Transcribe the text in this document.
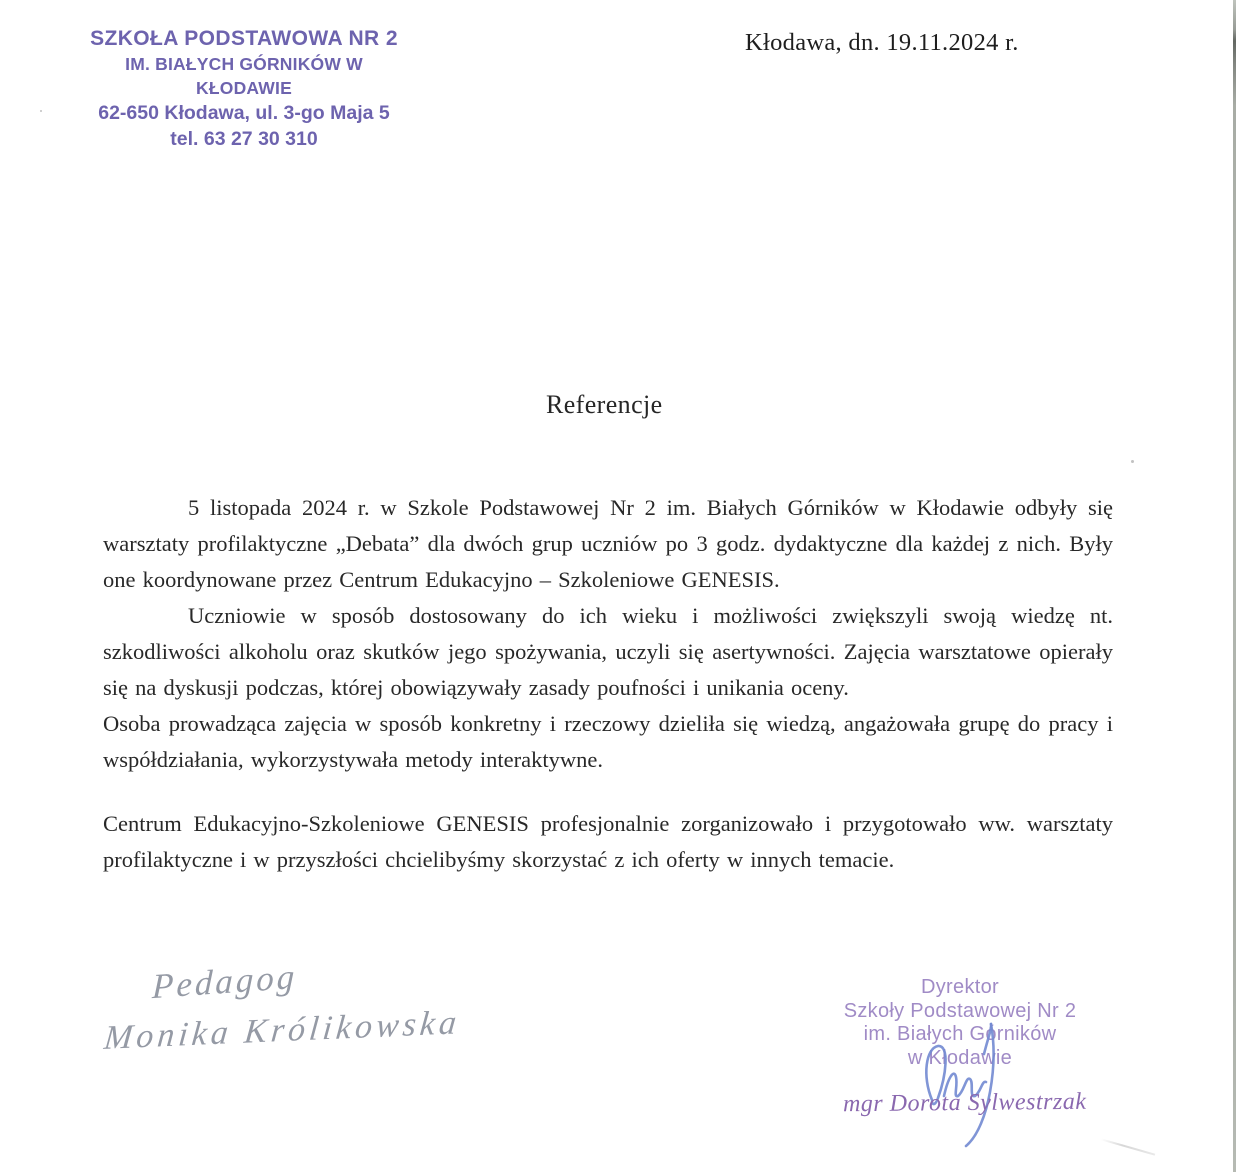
SZKOŁA PODSTAWOWA NR 2
IM. BIAŁYCH GÓRNIKÓW W KŁODAWIE
62-650 Kłodawa, ul. 3-go Maja 5
tel. 63 27 30 310
Kłodawa, dn. 19.11.2024 r.
Referencje

5 listopada 2024 r. w Szkole Podstawowej Nr 2 im. Białych Górników w Kłodawie odbyły się warsztaty profilaktyczne „Debata” dla dwóch grup uczniów po 3 godz. dydaktyczne dla każdej z nich. Były one koordynowane przez Centrum Edukacyjno – Szkoleniowe GENESIS.

Uczniowie w sposób dostosowany do ich wieku i możliwości zwiększyli swoją wiedzę nt. szkodliwości alkoholu oraz skutków jego spożywania, uczyli się asertywności. Zajęcia warsztatowe opierały się na dyskusji podczas, której obowiązywały zasady poufności i unikania oceny.

Osoba prowadząca zajęcia w sposób konkretny i rzeczowy dzieliła się wiedzą, angażowała grupę do pracy i współdziałania, wykorzystywała metody interaktywne.

Centrum Edukacyjno-Szkoleniowe GENESIS profesjonalnie zorganizowało i przygotowało ww. warsztaty profilaktyczne i w przyszłości chcielibyśmy skorzystać z ich oferty w innych temacie.

Pedagog
Monika Królikowska
Dyrektor
Szkoły Podstawowej Nr 2
im. Białych Górników
w Kłodawie
mgr Dorota Sylwestrzak
